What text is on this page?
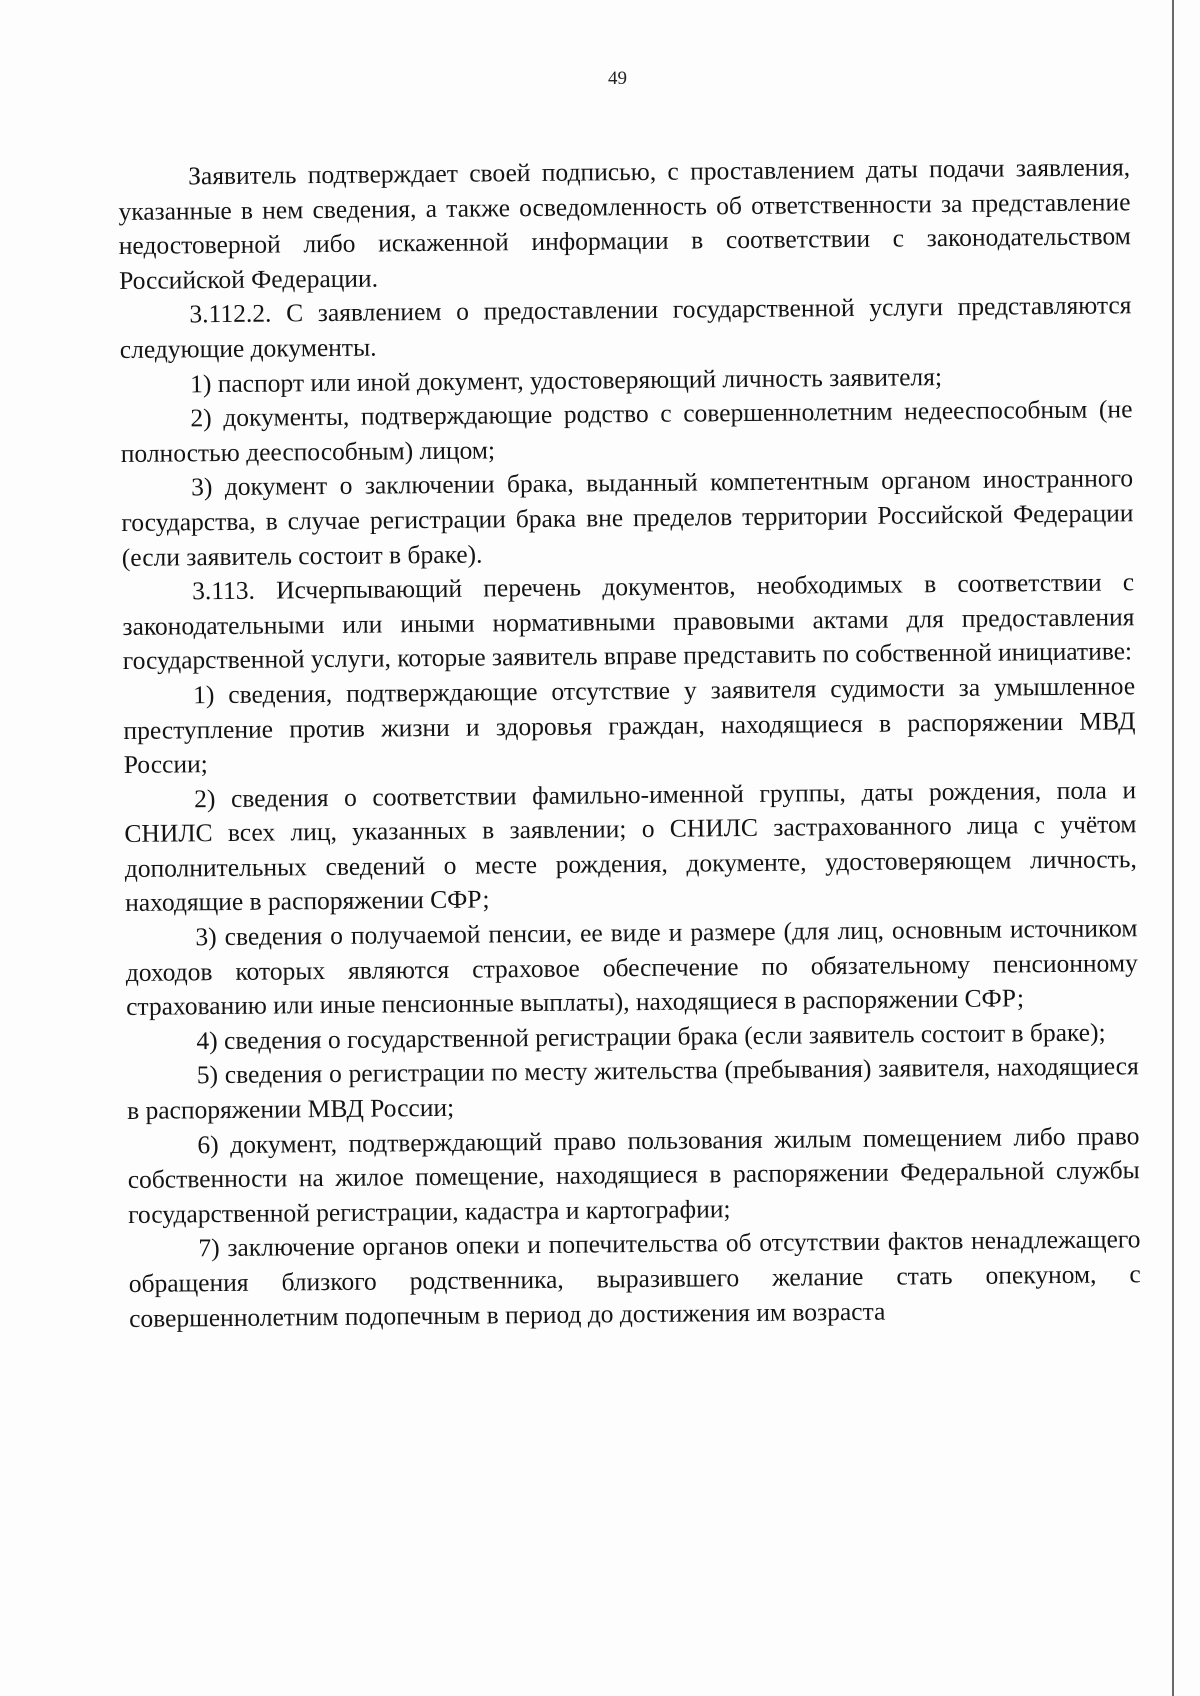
49

Заявитель подтверждает своей подписью, с проставлением даты подачи заявления, указанные в нем сведения, а также осведомленность об ответственности за представление недостоверной либо искаженной информации в соответствии с законодательством Российской Федерации.

3.112.2. С заявлением о предоставлении государственной услуги представляются следующие документы.

1) паспорт или иной документ, удостоверяющий личность заявителя;

2) документы, подтверждающие родство с совершеннолетним недееспособным (не полностью дееспособным) лицом;

3) документ о заключении брака, выданный компетентным органом иностранного государства, в случае регистрации брака вне пределов территории Российской Федерации (если заявитель состоит в браке).

3.113. Исчерпывающий перечень документов, необходимых в соответствии с законодательными или иными нормативными правовыми актами для предоставления государственной услуги, которые заявитель вправе представить по собственной инициативе:

1) сведения, подтверждающие отсутствие у заявителя судимости за умышленное преступление против жизни и здоровья граждан, находящиеся в распоряжении МВД России;

2) сведения о соответствии фамильно-именной группы, даты рождения, пола и СНИЛС всех лиц, указанных в заявлении; о СНИЛС застрахованного лица с учётом дополнительных сведений о месте рождения, документе, удостоверяющем личность, находящие в распоряжении СФР;

3) сведения о получаемой пенсии, ее виде и размере (для лиц, основным источником доходов которых являются страховое обеспечение по обязательному пенсионному страхованию или иные пенсионные выплаты), находящиеся в распоряжении СФР;

4) сведения о государственной регистрации брака (если заявитель состоит в браке);

5) сведения о регистрации по месту жительства (пребывания) заявителя, находящиеся в распоряжении МВД России;

6) документ, подтверждающий право пользования жилым помещением либо право собственности на жилое помещение, находящиеся в распоряжении Федеральной службы государственной регистрации, кадастра и картографии;

7) заключение органов опеки и попечительства об отсутствии фактов ненадлежащего обращения близкого родственника, выразившего желание стать опекуном, с совершеннолетним подопечным в период до достижения им возраста
